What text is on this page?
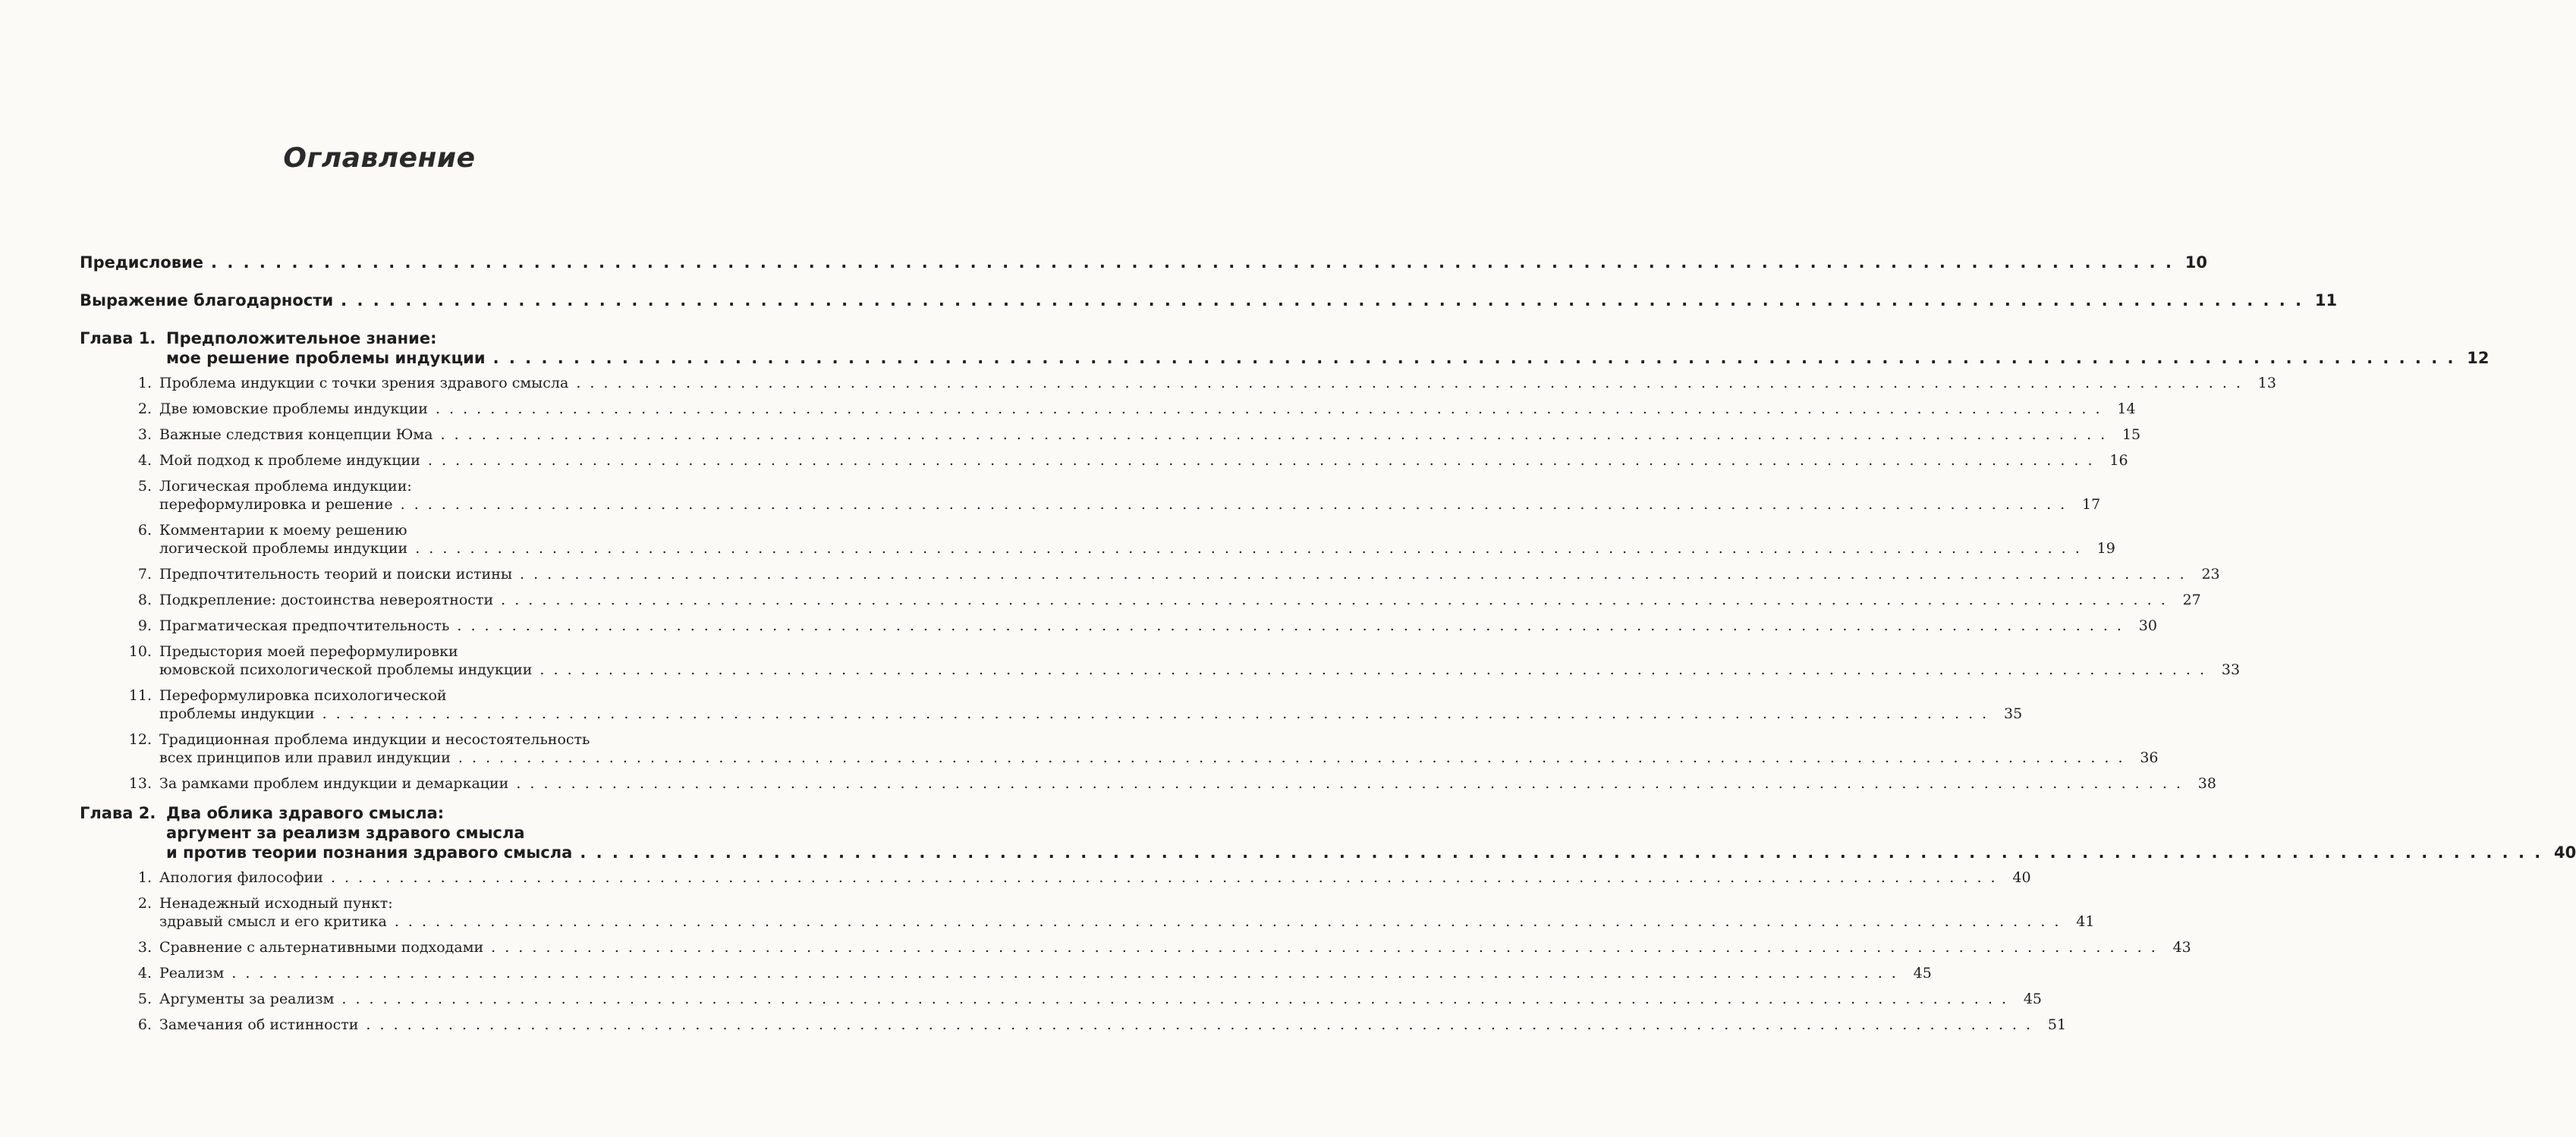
Оглавление
Предисловие . . .	10
Выражение благодарности . . .	11
Глава 1. Предположительное знание:
мое решение проблемы индукции . . .	12
1. Проблема индукции с точки зрения здравого смысла . . .	13
2. Две юмовские проблемы индукции . . .	14
3. Важные следствия концепции Юма . . .	15
4. Мой подход к проблеме индукции . . .	16
5. Логическая проблема индукции:
переформулировка и решение . . .	17
6. Комментарии к моему решению
логической проблемы индукции . . .	19
7. Предпочтительность теорий и поиски истины . . .	23
8. Подкрепление: достоинства невероятности . . .	27
9. Прагматическая предпочтительность . . .	30
10. Предыстория моей переформулировки
юмовской психологической проблемы индукции . . .	33
11. Переформулировка психологической
проблемы индукции . . .	35
12. Традиционная проблема индукции и несостоятельность
всех принципов или правил индукции . . .	36
13. За рамками проблем индукции и демаркации . . .	38
Глава 2. Два облика здравого смысла:
аргумент за реализм здравого смысла
и против теории познания здравого смысла . . .	40
1. Апология философии . . .	40
2. Ненадежный исходный пункт:
здравый смысл и его критика . . .	41
3. Сравнение с альтернативными подходами . . .	43
4. Реализм . . .	45
5. Аргументы за реализм . . .	45
6. Замечания об истинности . . .	51
